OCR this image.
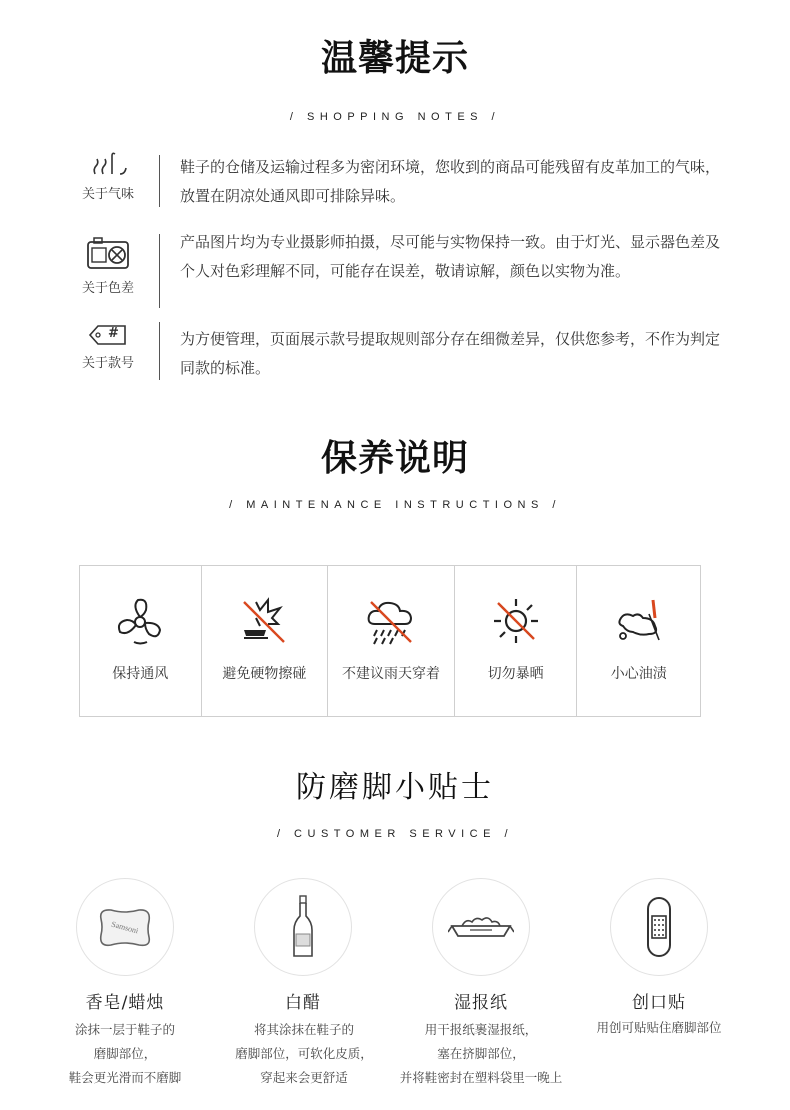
温馨提示
/ SHOPPING NOTES /
关于气味
鞋子的仓储及运输过程多为密闭环境，您收到的商品可能残留有皮革加工的气味，放置在阴凉处通风即可排除异味。
关于色差
产品图片均为专业摄影师拍摄，尽可能与实物保持一致。由于灯光、显示器色差及个人对色彩理解不同，可能存在误差，敬请谅解，颜色以实物为准。
#
关于款号
为方便管理，页面展示款号提取规则部分存在细微差异，仅供您参考，不作为判定同款的标准。
保养说明
/ MAINTENANCE INSTRUCTIONS /
保持通风	避免硬物擦碰	不建议雨天穿着	切勿暴晒	小心油渍
防磨脚小贴士
/ CUSTOMER SERVICE /
Samsoni
香皂/蜡烛
涂抹一层于鞋子的
磨脚部位，
鞋会更光滑而不磨脚
白醋
将其涂抹在鞋子的
磨脚部位，可软化皮质，
穿起来会更舒适
湿报纸
用干报纸裹湿报纸，
塞在挤脚部位，
并将鞋密封在塑料袋里一晚上
创口贴
用创可贴贴住磨脚部位
